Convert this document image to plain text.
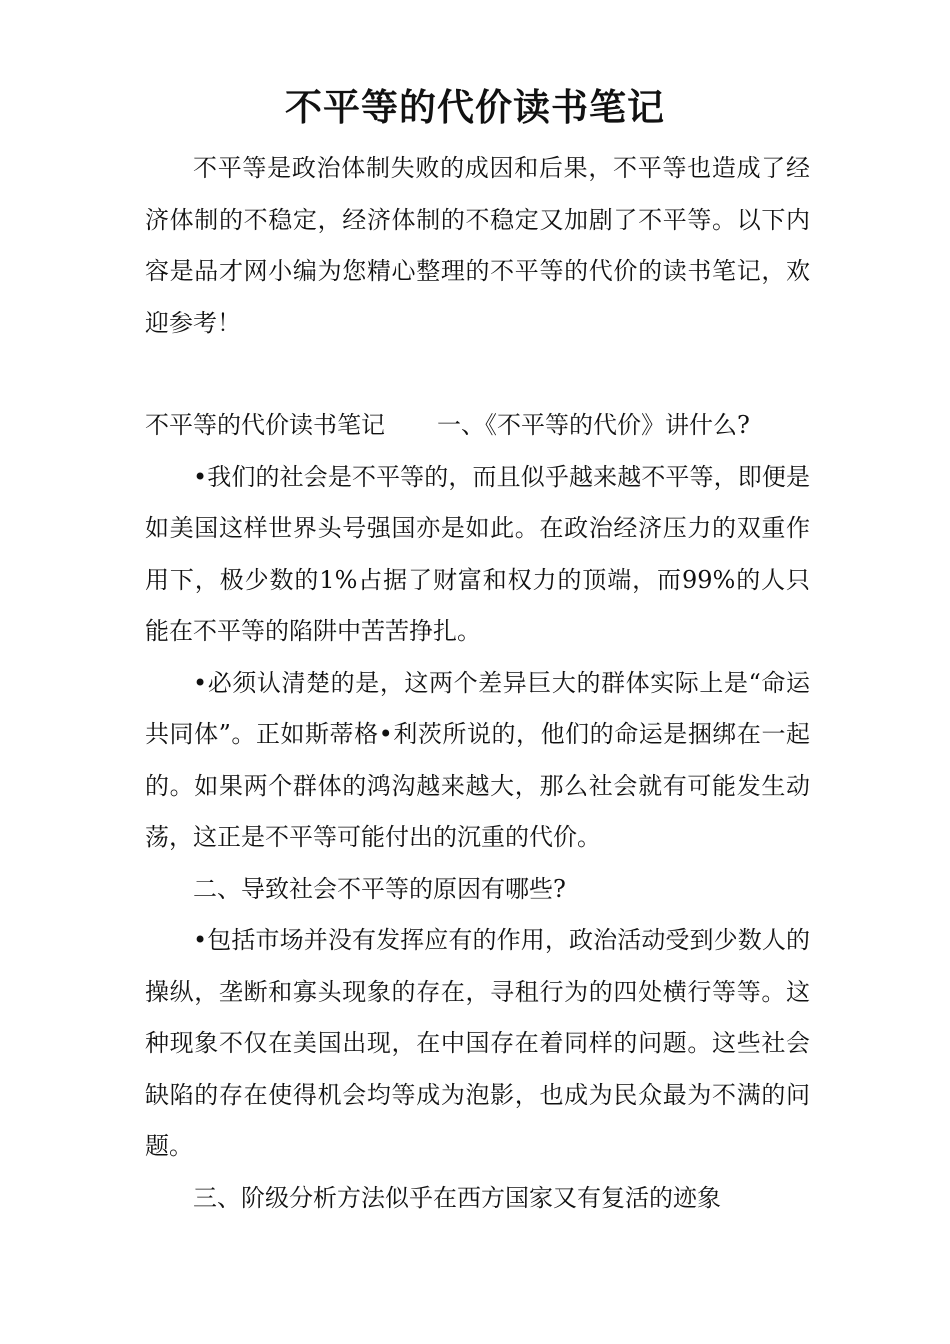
不平等的代价读书笔记

不平等是政治体制失败的成因和后果，不平等也造成了经济体制的不稳定，经济体制的不稳定又加剧了不平等。以下内容是品才网小编为您精心整理的不平等的代价的读书笔记，欢迎参考！

不平等的代价读书笔记 一、《不平等的代价》讲什么?

•我们的社会是不平等的，而且似乎越来越不平等，即便是如美国这样世界头号强国亦是如此。在政治经济压力的双重作用下，极少数的1%占据了财富和权力的顶端，而99%的人只能在不平等的陷阱中苦苦挣扎。

•必须认清楚的是，这两个差异巨大的群体实际上是“命运共同体”。正如斯蒂格•利茨所说的，他们的命运是捆绑在一起的。如果两个群体的鸿沟越来越大，那么社会就有可能发生动荡，这正是不平等可能付出的沉重的代价。

二、导致社会不平等的原因有哪些?

•包括市场并没有发挥应有的作用，政治活动受到少数人的操纵，垄断和寡头现象的存在，寻租行为的四处横行等等。这种现象不仅在美国出现，在中国存在着同样的问题。这些社会缺陷的存在使得机会均等成为泡影，也成为民众最为不满的问题。

三、阶级分析方法似乎在西方国家又有复活的迹象
